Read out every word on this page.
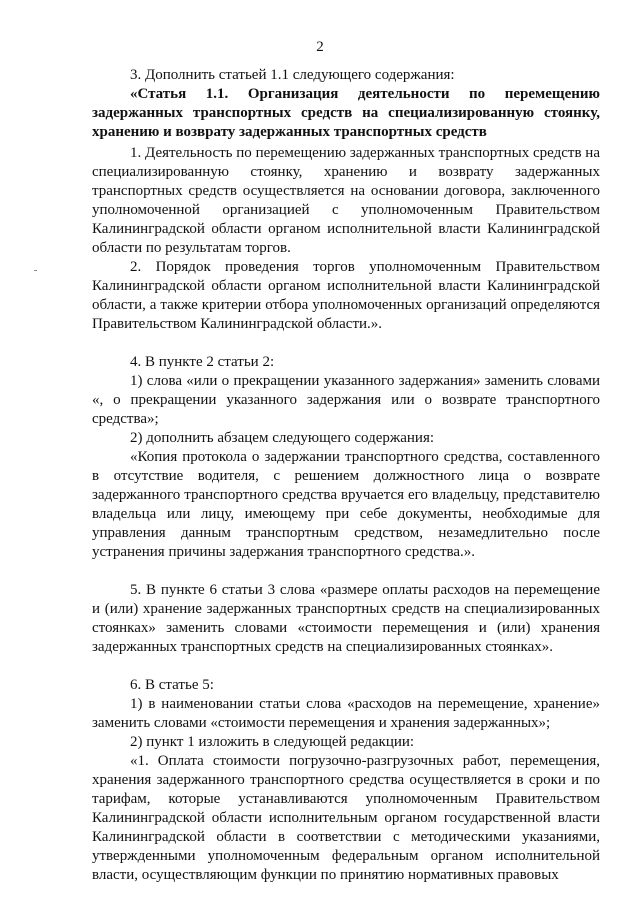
2

3. Дополнить статьей 1.1 следующего содержания:

«Статья 1.1. Организация деятельности по перемещению задержанных транспортных средств на специализированную стоянку, хранению и возврату задержанных транспортных средств

1. Деятельность по перемещению задержанных транспортных средств на специализированную стоянку, хранению и возврату задержанных транспортных средств осуществляется на основании договора, заключенного уполномоченной организацией с уполномоченным Правительством Калининградской области органом исполнительной власти Калининградской области по результатам торгов.

2. Порядок проведения торгов уполномоченным Правительством Калининградской области органом исполнительной власти Калининградской области, а также критерии отбора уполномоченных организаций определяются Правительством Калининградской области.».

4. В пункте 2 статьи 2:

1) слова «или о прекращении указанного задержания» заменить словами «, о прекращении указанного задержания или о возврате транспортного средства»;

2) дополнить абзацем следующего содержания:

«Копия протокола о задержании транспортного средства, составленного в отсутствие водителя, с решением должностного лица о возврате задержанного транспортного средства вручается его владельцу, представителю владельца или лицу, имеющему при себе документы, необходимые для управления данным транспортным средством, незамедлительно после устранения причины задержания транспортного средства.».

5. В пункте 6 статьи 3 слова «размере оплаты расходов на перемещение и (или) хранение задержанных транспортных средств на специализированных стоянках» заменить словами «стоимости перемещения и (или) хранения задержанных транспортных средств на специализированных стоянках».

6. В статье 5:

1) в наименовании статьи слова «расходов на перемещение, хранение» заменить словами «стоимости перемещения и хранения задержанных»;

2) пункт 1 изложить в следующей редакции:

«1. Оплата стоимости погрузочно-разгрузочных работ, перемещения, хранения задержанного транспортного средства осуществляется в сроки и по тарифам, которые устанавливаются уполномоченным Правительством Калининградской области исполнительным органом государственной власти Калининградской области в соответствии с методическими указаниями, утвержденными уполномоченным федеральным органом исполнительной власти, осуществляющим функции по принятию нормативных правовых
